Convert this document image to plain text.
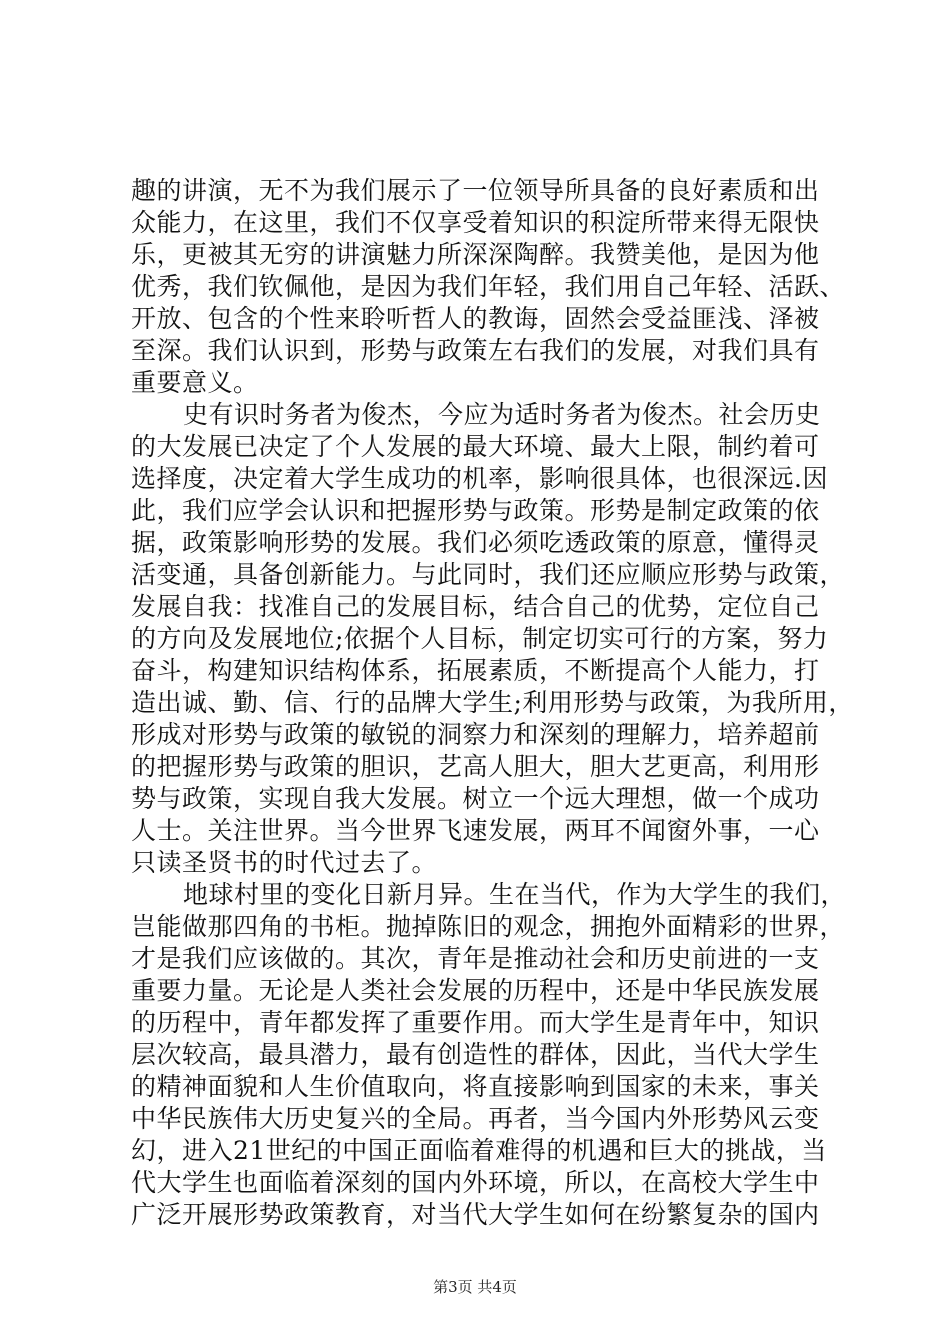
趣的讲演，无不为我们展示了一位领导所具备的良好素质和出
众能力，在这里，我们不仅享受着知识的积淀所带来得无限快
乐，更被其无穷的讲演魅力所深深陶醉。我赞美他，是因为他
优秀，我们钦佩他，是因为我们年轻，我们用自己年轻、活跃、
开放、包含的个性来聆听哲人的教诲，固然会受益匪浅、泽被
至深。我们认识到，形势与政策左右我们的发展，对我们具有
重要意义。
史有识时务者为俊杰，今应为适时务者为俊杰。社会历史
的大发展已决定了个人发展的最大环境、最大上限，制约着可
选择度，决定着大学生成功的机率，影响很具体，也很深远.因
此，我们应学会认识和把握形势与政策。形势是制定政策的依
据，政策影响形势的发展。我们必须吃透政策的原意，懂得灵
活变通，具备创新能力。与此同时，我们还应顺应形势与政策，
发展自我：找准自己的发展目标，结合自己的优势，定位自己
的方向及发展地位;依据个人目标，制定切实可行的方案，努力
奋斗，构建知识结构体系，拓展素质，不断提高个人能力，打
造出诚、勤、信、行的品牌大学生;利用形势与政策，为我所用，
形成对形势与政策的敏锐的洞察力和深刻的理解力，培养超前
的把握形势与政策的胆识，艺高人胆大，胆大艺更高，利用形
势与政策，实现自我大发展。树立一个远大理想，做一个成功
人士。关注世界。当今世界飞速发展，两耳不闻窗外事，一心
只读圣贤书的时代过去了。
地球村里的变化日新月异。生在当代，作为大学生的我们，
岂能做那四角的书柜。抛掉陈旧的观念，拥抱外面精彩的世界，
才是我们应该做的。其次，青年是推动社会和历史前进的一支
重要力量。无论是人类社会发展的历程中，还是中华民族发展
的历程中，青年都发挥了重要作用。而大学生是青年中，知识
层次较高，最具潜力，最有创造性的群体，因此，当代大学生
的精神面貌和人生价值取向，将直接影响到国家的未来，事关
中华民族伟大历史复兴的全局。再者，当今国内外形势风云变
幻，进入21世纪的中国正面临着难得的机遇和巨大的挑战，当
代大学生也面临着深刻的国内外环境，所以，在高校大学生中
广泛开展形势政策教育，对当代大学生如何在纷繁复杂的国内
第3页 共4页
